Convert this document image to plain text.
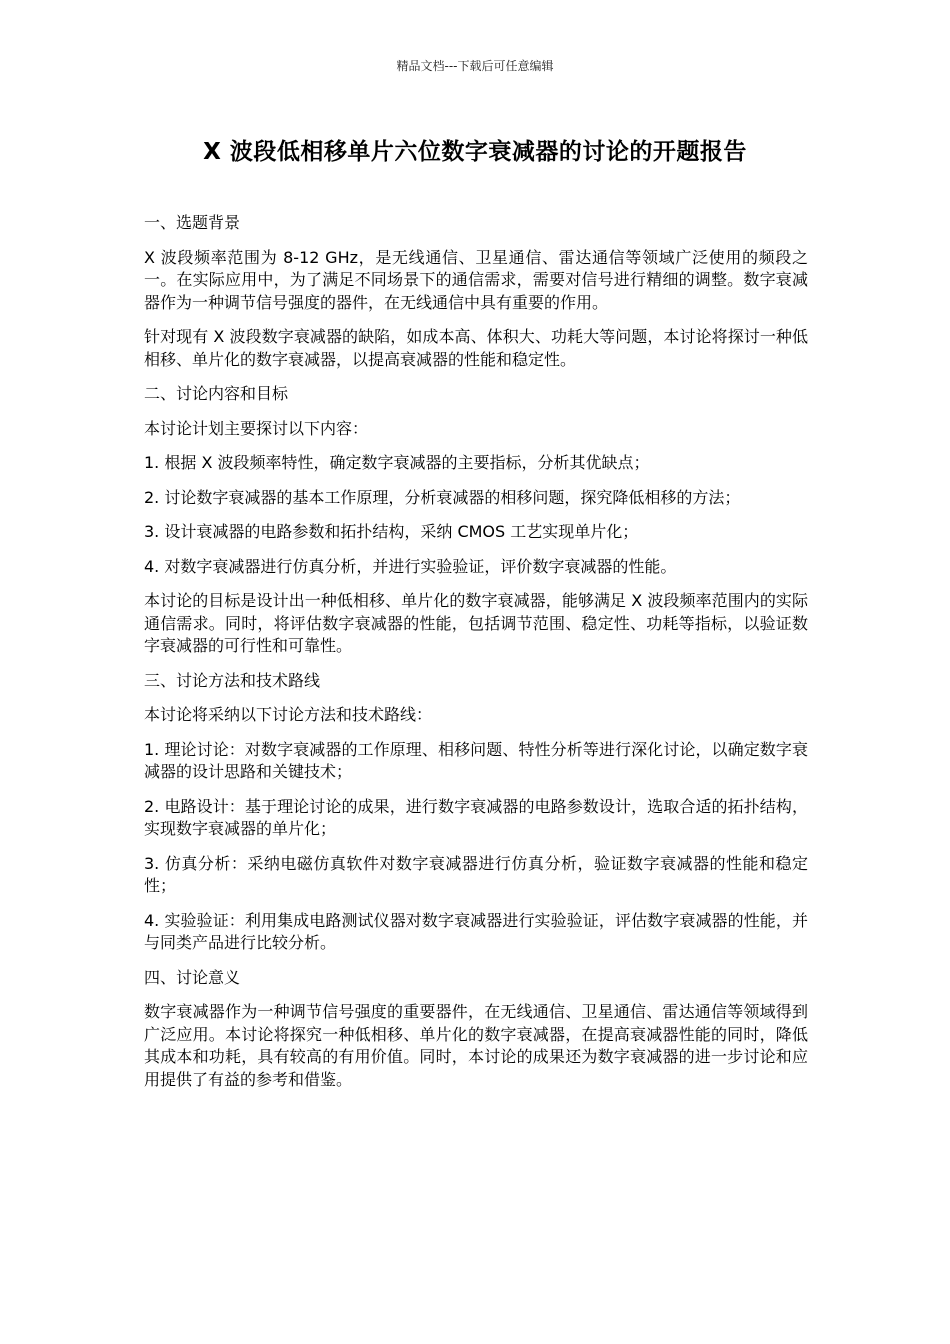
精品文档---下载后可任意编辑
X 波段低相移单片六位数字衰减器的讨论的开题报告

一、选题背景

X 波段频率范围为 8-12 GHz，是无线通信、卫星通信、雷达通信等领域广泛使用的频段之一。在实际应用中，为了满足不同场景下的通信需求，需要对信号进行精细的调整。数字衰减器作为一种调节信号强度的器件，在无线通信中具有重要的作用。

针对现有 X 波段数字衰减器的缺陷，如成本高、体积大、功耗大等问题，本讨论将探讨一种低相移、单片化的数字衰减器，以提高衰减器的性能和稳定性。

二、讨论内容和目标

本讨论计划主要探讨以下内容：

1. 根据 X 波段频率特性，确定数字衰减器的主要指标，分析其优缺点；

2. 讨论数字衰减器的基本工作原理，分析衰减器的相移问题，探究降低相移的方法；

3. 设计衰减器的电路参数和拓扑结构，采纳 CMOS 工艺实现单片化；

4. 对数字衰减器进行仿真分析，并进行实验验证，评价数字衰减器的性能。

本讨论的目标是设计出一种低相移、单片化的数字衰减器，能够满足 X 波段频率范围内的实际通信需求。同时，将评估数字衰减器的性能，包括调节范围、稳定性、功耗等指标，以验证数字衰减器的可行性和可靠性。

三、讨论方法和技术路线

本讨论将采纳以下讨论方法和技术路线：

1. 理论讨论：对数字衰减器的工作原理、相移问题、特性分析等进行深化讨论，以确定数字衰减器的设计思路和关键技术；

2. 电路设计：基于理论讨论的成果，进行数字衰减器的电路参数设计，选取合适的拓扑结构，实现数字衰减器的单片化；

3. 仿真分析：采纳电磁仿真软件对数字衰减器进行仿真分析，验证数字衰减器的性能和稳定性；

4. 实验验证：利用集成电路测试仪器对数字衰减器进行实验验证，评估数字衰减器的性能，并与同类产品进行比较分析。

四、讨论意义

数字衰减器作为一种调节信号强度的重要器件，在无线通信、卫星通信、雷达通信等领域得到广泛应用。本讨论将探究一种低相移、单片化的数字衰减器，在提高衰减器性能的同时，降低其成本和功耗，具有较高的有用价值。同时，本讨论的成果还为数字衰减器的进一步讨论和应用提供了有益的参考和借鉴。
